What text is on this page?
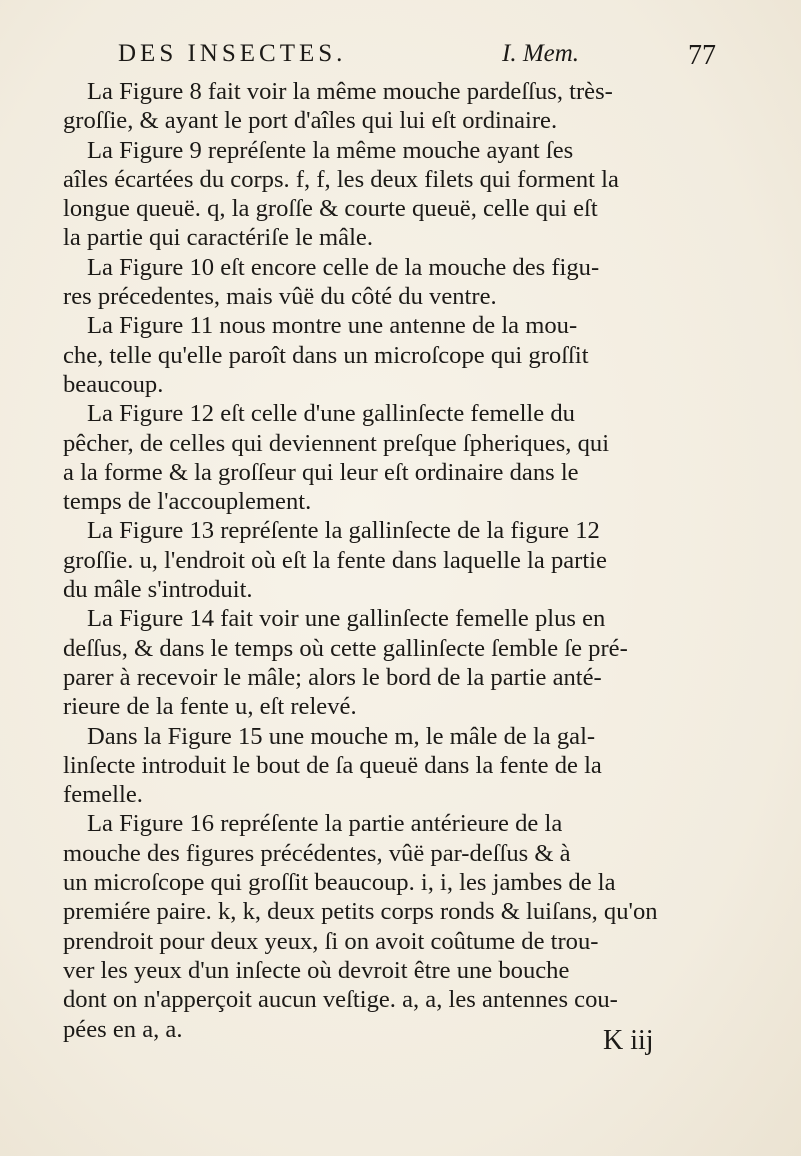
DES INSECTES.	I. Mem.	77
La Figure 8 fait voir la même mouche pardeſſus, très-
groſſie, & ayant le port d'aîles qui lui eſt ordinaire.
La Figure 9 repréſente la même mouche ayant ſes
aîles écartées du corps. f, f, les deux filets qui forment la
longue queuë. q, la groſſe & courte queuë, celle qui eſt
la partie qui caractériſe le mâle.
La Figure 10 eſt encore celle de la mouche des figu-
res précedentes, mais vûë du côté du ventre.
La Figure 11 nous montre une antenne de la mou-
che, telle qu'elle paroît dans un microſcope qui groſſit
beaucoup.
La Figure 12 eſt celle d'une gallinſecte femelle du
pêcher, de celles qui deviennent preſque ſpheriques, qui
a la forme & la groſſeur qui leur eſt ordinaire dans le
temps de l'accouplement.
La Figure 13 repréſente la gallinſecte de la figure 12
groſſie. u, l'endroit où eſt la fente dans laquelle la partie
du mâle s'introduit.
La Figure 14 fait voir une gallinſecte femelle plus en
deſſus, & dans le temps où cette gallinſecte ſemble ſe pré-
parer à recevoir le mâle; alors le bord de la partie anté-
rieure de la fente u, eſt relevé.
Dans la Figure 15 une mouche m, le mâle de la gal-
linſecte introduit le bout de ſa queuë dans la fente de la
femelle.
La Figure 16 repréſente la partie antérieure de la
mouche des figures précédentes, vûë par-deſſus & à
un microſcope qui groſſit beaucoup. i, i, les jambes de la
premiére paire. k, k, deux petits corps ronds & luiſans, qu'on
prendroit pour deux yeux, ſi on avoit coûtume de trou-
ver les yeux d'un inſecte où devroit être une bouche
dont on n'apperçoit aucun veſtige. a, a, les antennes cou-
pées en a, a.	K iij
